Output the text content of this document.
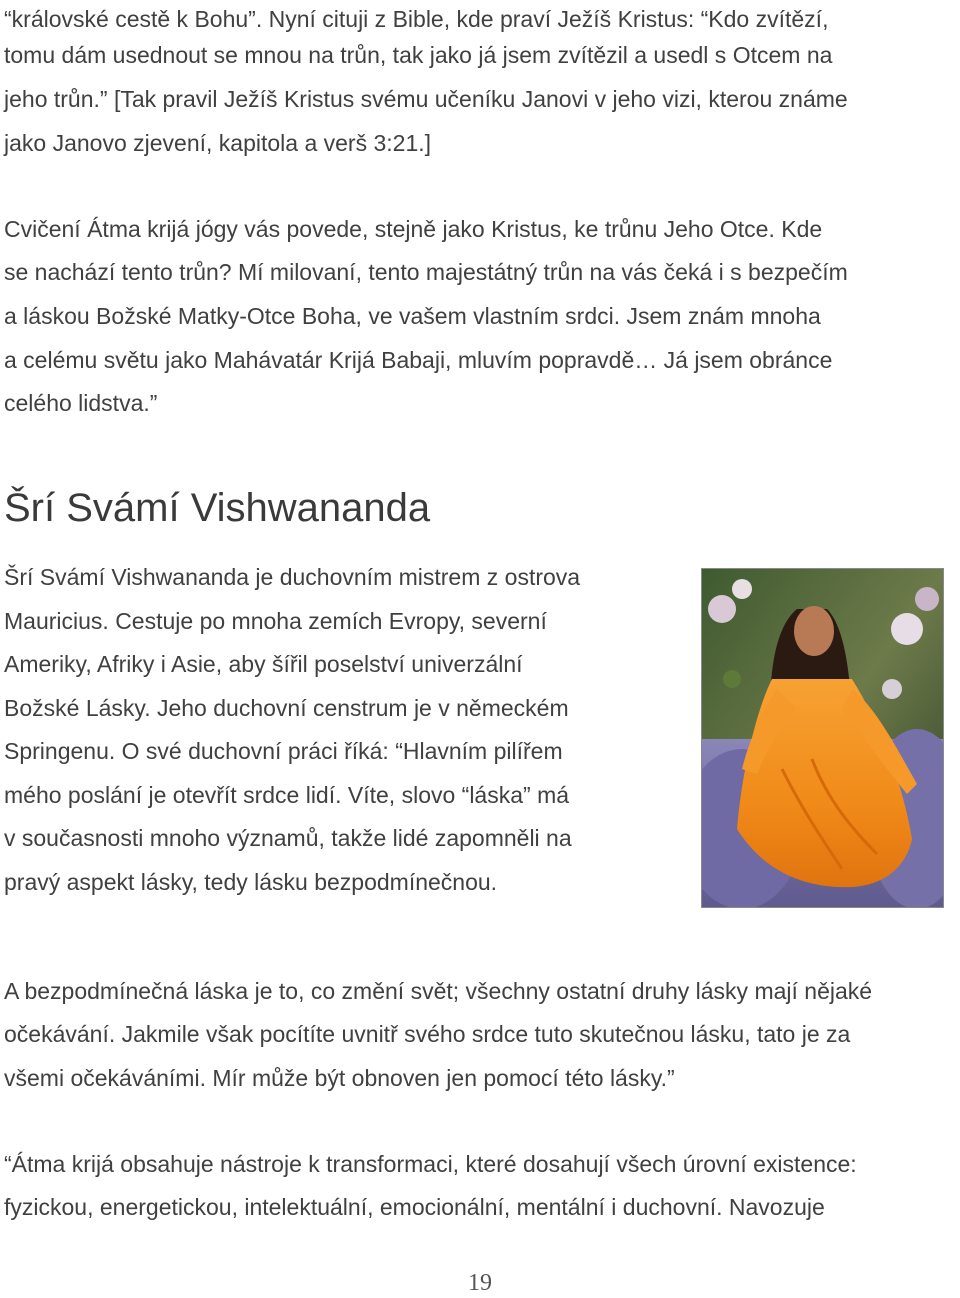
“královské cestě k Bohu”. Nyní cituji z Bible, kde praví Ježíš Kristus: “Kdo zvítězí,
tomu dám usednout se mnou na trůn, tak jako já jsem zvítězil a usedl s Otcem na
jeho trůn.” [Tak pravil Ježíš Kristus svému učeníku Janovi v jeho vizi, kterou známe
jako Janovo zjevení, kapitola a verš 3:21.]
Cvičení Átma krijá jógy vás povede, stejně jako Kristus, ke trůnu Jeho Otce. Kde
se nachází tento trůn? Mí milovaní, tento majestátný trůn na vás čeká i s bezpečím
a láskou Božské Matky-Otce Boha, ve vašem vlastním srdci. Jsem znám mnoha
a celému světu jako Mahávatár Krijá Babaji, mluvím popravdě… Já jsem obránce
celého lidstva.”
Šrí Svámí Vishwananda
Šrí Svámí Vishwananda je duchovním mistrem z ostrova
Mauricius. Cestuje po mnoha zemích Evropy, severní
Ameriky, Afriky i Asie, aby šířil poselství univerzální
Božské Lásky. Jeho duchovní censtrum je v německém
Springenu. O své duchovní práci říká: “Hlavním pilířem
mého poslání je otevřít srdce lidí. Víte, slovo “láska” má
v současnosti mnoho významů, takže lidé zapomněli na
pravý aspekt lásky, tedy lásku bezpodmínečnou.
A bezpodmínečná láska je to, co změní svět; všechny ostatní druhy lásky mají nějaké
očekávání. Jakmile však pocítíte uvnitř svého srdce tuto skutečnou lásku, tato je za
všemi očekáváními. Mír může být obnoven jen pomocí této lásky.”
“Átma krijá obsahuje nástroje k transformaci, které dosahují všech úrovní existence:
fyzickou, energetickou, intelektuální, emocionální, mentální i duchovní. Navozuje
19
